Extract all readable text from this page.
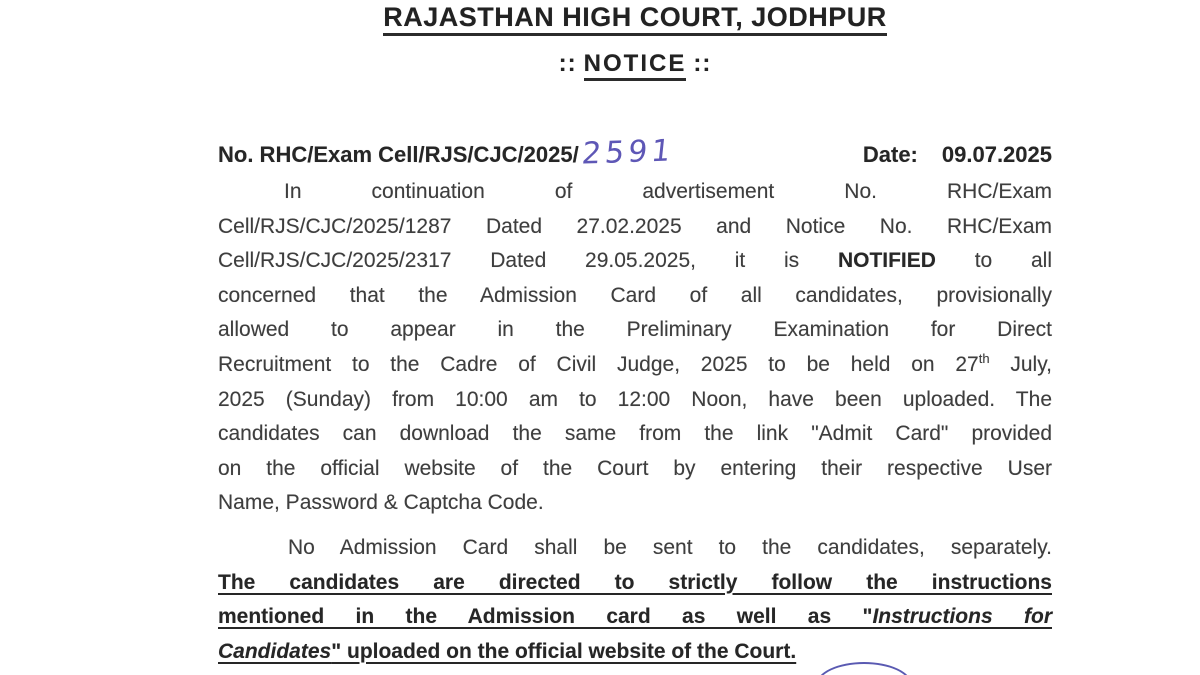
RAJASTHAN HIGH COURT, JODHPUR
:: NOTICE ::
No. RHC/Exam Cell/RJS/CJC/2025/ 2591	Date: 09.07.2025
In continuation of advertisement No. RHC/Exam
Cell/RJS/CJC/2025/1287 Dated 27.02.2025 and Notice No. RHC/Exam
Cell/RJS/CJC/2025/2317 Dated 29.05.2025, it is NOTIFIED to all
concerned that the Admission Card of all candidates, provisionally
allowed to appear in the Preliminary Examination for Direct
Recruitment to the Cadre of Civil Judge, 2025 to be held on 27th July,
2025 (Sunday) from 10:00 am to 12:00 Noon, have been uploaded. The
candidates can download the same from the link "Admit Card" provided
on the official website of the Court by entering their respective User
Name, Password & Captcha Code.
No Admission Card shall be sent to the candidates, separately.
The candidates are directed to strictly follow the instructions
mentioned in the Admission card as well as "Instructions for
Candidates" uploaded on the official website of the Court.
